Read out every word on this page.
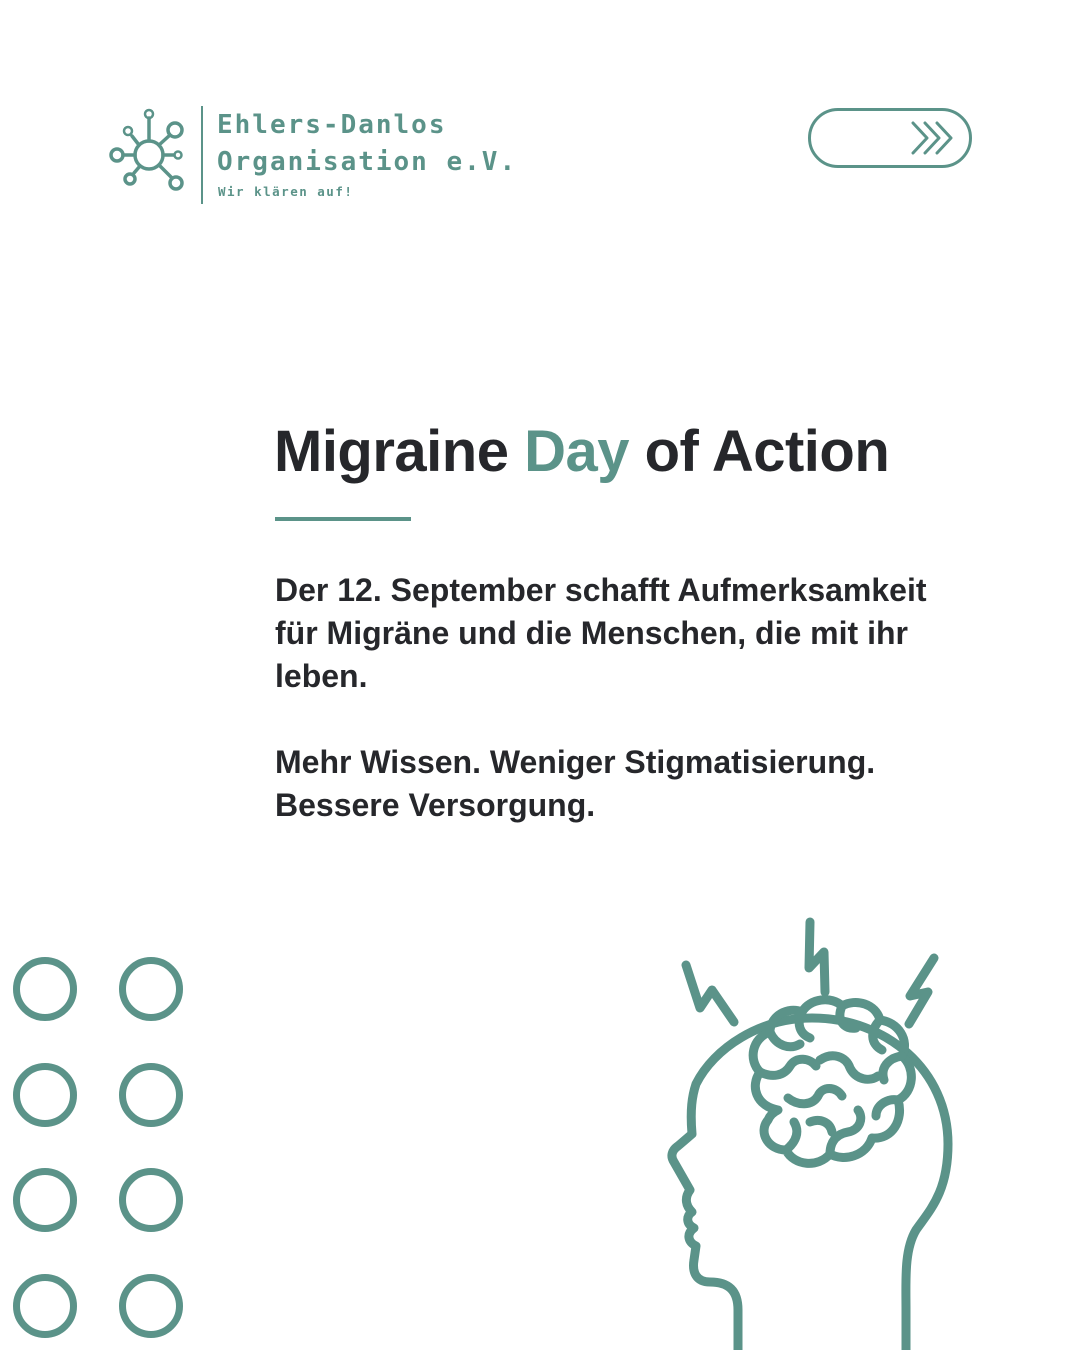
Ehlers-Danlos
Organisation e.V.
Wir klären auf!
Migraine Day of Action

Der 12. September schafft Aufmerksamkeit für Migräne und die Menschen, die mit ihr leben.

Mehr Wissen. Weniger Stigmatisierung. Bessere Versorgung.
